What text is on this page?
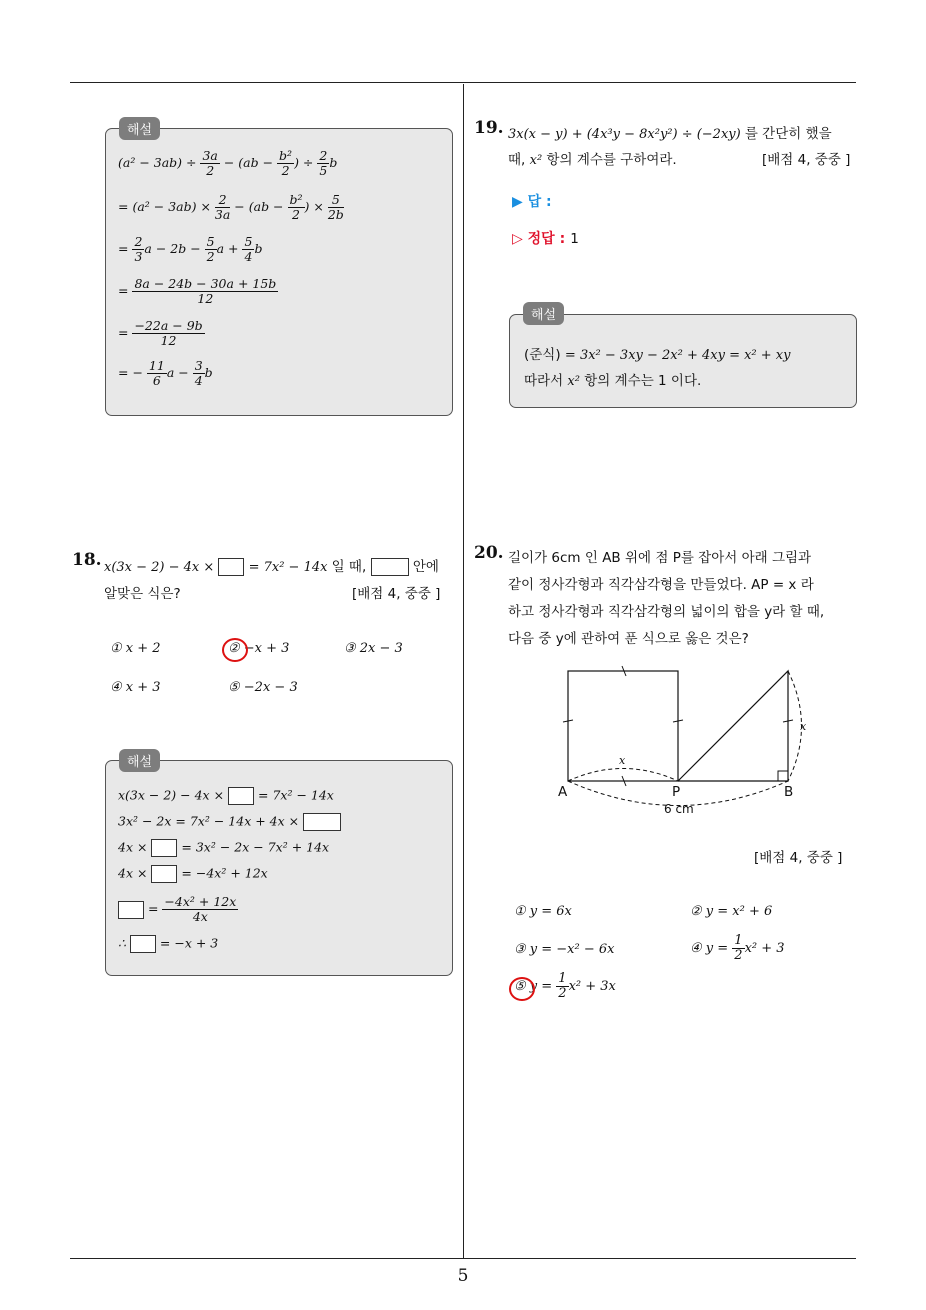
5
$(a^2 - 3ab) \div \frac{3a}{2} - (ab - \frac{\text{b²}}{2}$ ) ÷ $\frac{2}{5}$ b
= $(a^2 - 3ab) \times \frac{2}{3a} - (ab - \frac{\text{b²}}{2}$ ) × $\frac{5}{2b}$
= $\frac{2}{3}$ $a - 2b - \frac{5}{2}$ $a + \frac{5}{4}$ b
= $\frac{8a - 24b - 30a + 15b}{12}$
= $\frac{-22a - 9b}{12}$
= − $\frac{11}{6}$ $a - \frac{3}{4}$ b
해설
18. x(3x − 2) − 4x ×  = 7x² − 14x 일 때,	안에
알맞은 식은?	[배점 4, 중중 ]
① x + 2	② −x + 3	③ 2x − 3
④ x + 3	⑤ −2x − 3
x(3x − 2) − 4x ×  = 7x² − 14x
3x² − 2x = 7x² − 14x + 4x ×
4x ×  = 3x² − 2x − 7x² + 14x
4x ×  = −4x² + 12x
= $\frac{\text{−4x² + 12x}}{4x}$
∴  = −x + 3
해설
19. 3x(x − y) + (4x³y − 8x²y²) ÷ (−2xy) 를 간단히 했을
때, x² 항의 계수를 구하여라.	[배점 4, 중중 ]
▶ 답 :
▷ 정답 : 1
(준식) = 3x² − 3xy − 2x² + 4xy = x² + xy
따라서 x² 항의 계수는 1 이다.
해설
20. 길이가 6cm 인 AB 위에 점 P를 잡아서 아래 그림과
같이 정사각형과 직각삼각형을 만들었다. AP = x 라
하고 정사각형과 직각삼각형의 넓이의 합을 y라 할 때,
다음 중 y에 관하여 푼 식으로 옳은 것은?
A	P	B
x
x
6 cm
[배점 4, 중중 ]
① y = 6x	② y = x² + 6
③ y = −x² − 6x	④ $y = \frac{1}{2} x^2 + 3$
⑤ $y = \frac{1}{2} x^2 + 3x$
